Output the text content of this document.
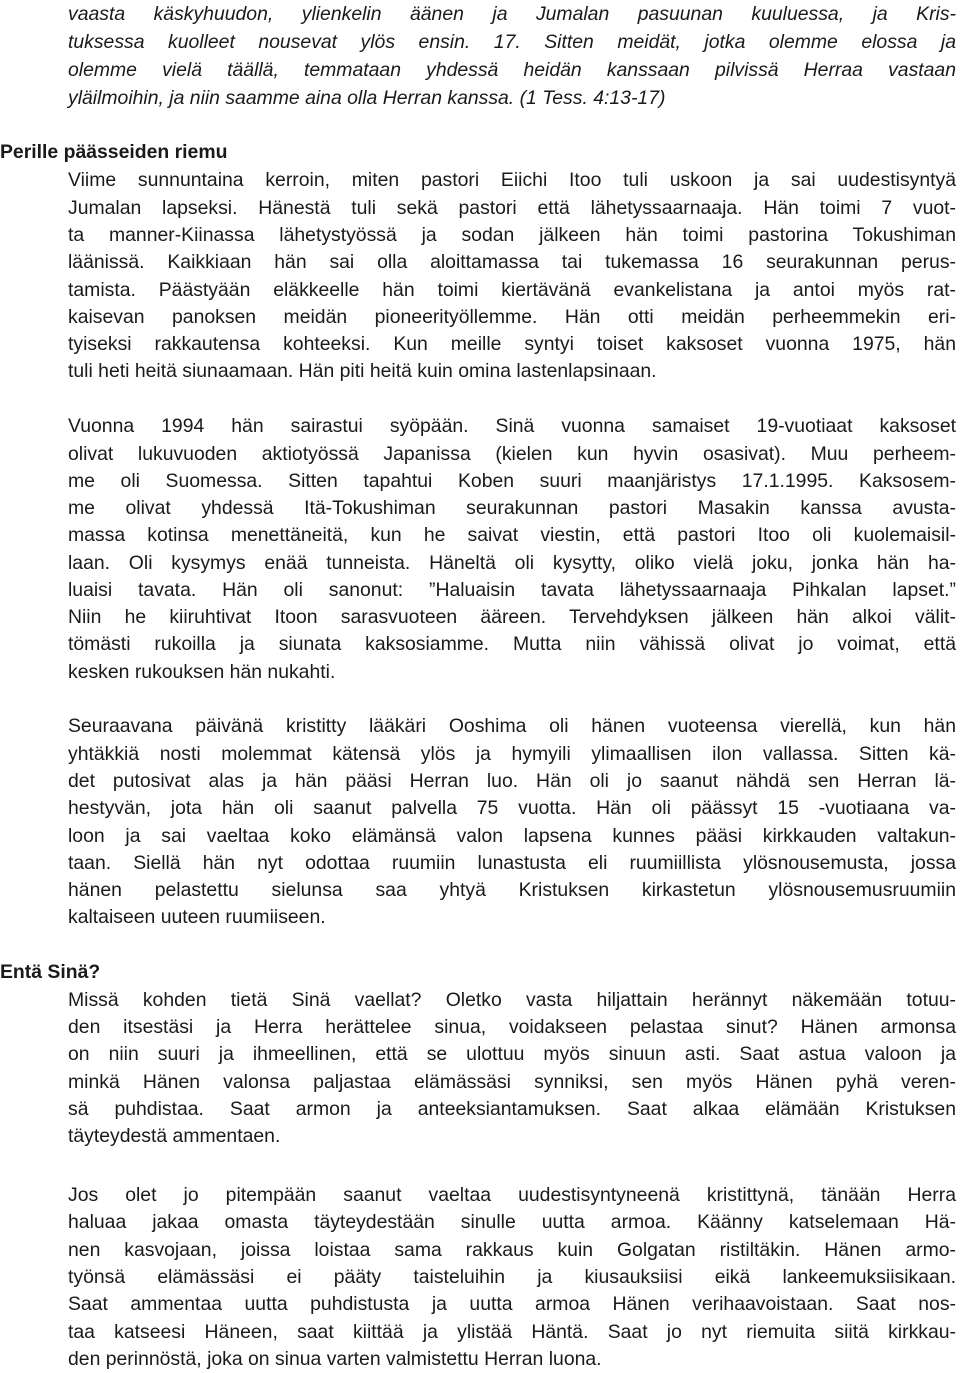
vaasta käskyhuudon, ylienkelin äänen ja Jumalan pasuunan kuuluessa, ja Kris-
tuksessa kuolleet nousevat ylös ensin. 17. Sitten meidät, jotka olemme elossa ja
olemme vielä täällä, temmataan yhdessä heidän kanssaan pilvissä Herraa vastaan
yläilmoihin, ja niin saamme aina olla Herran kanssa. (1 Tess. 4:13-17)
Perille päässeiden riemu
Viime sunnuntaina kerroin, miten pastori Eiichi Itoo tuli uskoon ja sai uudestisyntyä
Jumalan lapseksi. Hänestä tuli sekä pastori että lähetyssaarnaaja. Hän toimi 7 vuot-
ta manner-Kiinassa lähetystyössä ja sodan jälkeen hän toimi pastorina Tokushiman
läänissä. Kaikkiaan hän sai olla aloittamassa tai tukemassa 16 seurakunnan perus-
tamista. Päästyään eläkkeelle hän toimi kiertävänä evankelistana ja antoi myös rat-
kaisevan panoksen meidän pioneerityöllemme. Hän otti meidän perheemmekin eri-
tyiseksi rakkautensa kohteeksi. Kun meille syntyi toiset kaksoset vuonna 1975, hän
tuli heti heitä siunaamaan. Hän piti heitä kuin omina lastenlapsinaan.
Vuonna 1994 hän sairastui syöpään. Sinä vuonna samaiset 19-vuotiaat kaksoset
olivat lukuvuoden aktiotyössä Japanissa (kielen kun hyvin osasivat). Muu perheem-
me oli Suomessa. Sitten tapahtui Koben suuri maanjäristys 17.1.1995. Kaksosem-
me olivat yhdessä Itä-Tokushiman seurakunnan pastori Masakin kanssa avusta-
massa kotinsa menettäneitä, kun he saivat viestin, että pastori Itoo oli kuolemaisil-
laan. Oli kysymys enää tunneista. Häneltä oli kysytty, oliko vielä joku, jonka hän ha-
luaisi tavata. Hän oli sanonut: ”Haluaisin tavata lähetyssaarnaaja Pihkalan lapset.”
Niin he kiiruhtivat Itoon sarasvuoteen ääreen. Tervehdyksen jälkeen hän alkoi välit-
tömästi rukoilla ja siunata kaksosiamme. Mutta niin vähissä olivat jo voimat, että
kesken rukouksen hän nukahti.
Seuraavana päivänä kristitty lääkäri Ooshima oli hänen vuoteensa vierellä, kun hän
yhtäkkiä nosti molemmat kätensä ylös ja hymyili ylimaallisen ilon vallassa. Sitten kä-
det putosivat alas ja hän pääsi Herran luo. Hän oli jo saanut nähdä sen Herran lä-
hestyvän, jota hän oli saanut palvella 75 vuotta. Hän oli päässyt 15 -vuotiaana va-
loon ja sai vaeltaa koko elämänsä valon lapsena kunnes pääsi kirkkauden valtakun-
taan. Siellä hän nyt odottaa ruumiin lunastusta eli ruumiillista ylösnousemusta, jossa
hänen pelastettu sielunsa saa yhtyä Kristuksen kirkastetun ylösnousemusruumiin
kaltaiseen uuteen ruumiiseen.
Entä Sinä?
Missä kohden tietä Sinä vaellat? Oletko vasta hiljattain herännyt näkemään totuu-
den itsestäsi ja Herra herättelee sinua, voidakseen pelastaa sinut? Hänen armonsa
on niin suuri ja ihmeellinen, että se ulottuu myös sinuun asti. Saat astua valoon ja
minkä Hänen valonsa paljastaa elämässäsi synniksi, sen myös Hänen pyhä veren-
sä puhdistaa. Saat armon ja anteeksiantamuksen. Saat alkaa elämään Kristuksen
täyteydestä ammentaen.
Jos olet jo pitempään saanut vaeltaa uudestisyntyneenä kristittynä, tänään Herra
haluaa jakaa omasta täyteydestään sinulle uutta armoa. Käänny katselemaan Hä-
nen kasvojaan, joissa loistaa sama rakkaus kuin Golgatan ristiltäkin. Hänen armo-
työnsä elämässäsi ei pääty taisteluihin ja kiusauksiisi eikä lankeemuksiisikaan.
Saat ammentaa uutta puhdistusta ja uutta armoa Hänen verihaavoistaan. Saat nos-
taa katseesi Häneen, saat kiittää ja ylistää Häntä. Saat jo nyt riemuita siitä kirkkau-
den perinnöstä, joka on sinua varten valmistettu Herran luona.
